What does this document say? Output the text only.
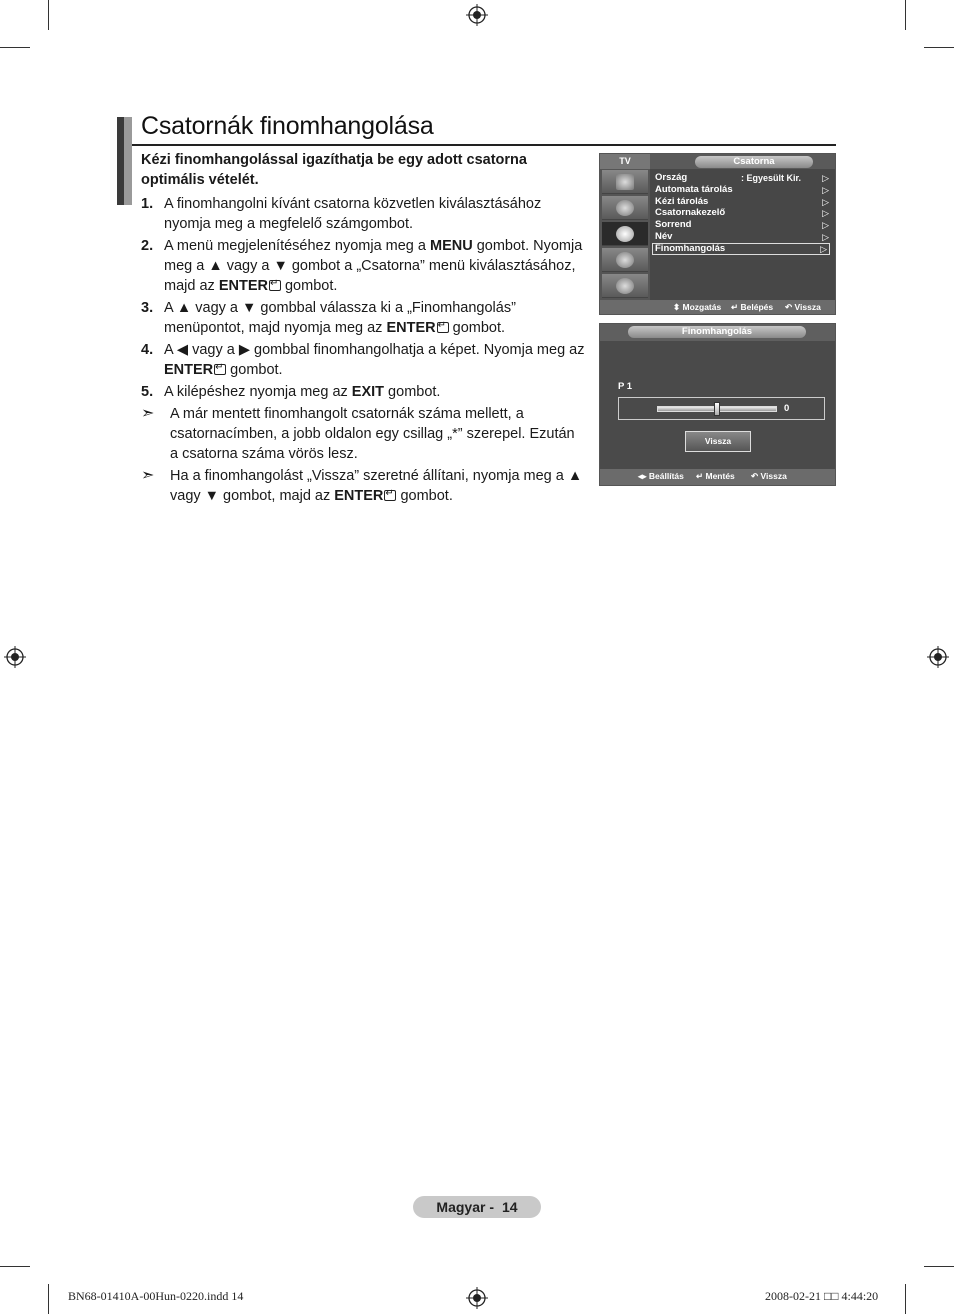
Csatornák finomhangolása

Kézi finomhangolással igazíthatja be egy adott csatorna optimális vételét.

1. A finomhangolni kívánt csatorna közvetlen kiválasztásához nyomja meg a megfelelő számgombot.
2. A menü megjelenítéséhez nyomja meg a MENU gombot. Nyomja meg a ▲ vagy a ▼ gombot a „Csatorna” menü kiválasztásához, majd az ENTER↵ gombot.
3. A ▲ vagy a ▼ gombbal válassza ki a „Finomhangolás” menüpontot, majd nyomja meg az ENTER↵ gombot.
4. A ◀ vagy a ▶ gombbal finomhangolhatja a képet. Nyomja meg az ENTER↵ gombot.
5. A kilépéshez nyomja meg az EXIT gombot.
➣ A már mentett finomhangolt csatornák száma mellett, a csatornacímben, a jobb oldalon egy csillag „*” szerepel. Ezután a csatorna száma vörös lesz.
➣ Ha a finomhangolást „Vissza” szeretné állítani, nyomja meg a ▲ vagy ▼ gombot, majd az ENTER↵ gombot.
TV	Csatorna
Ország	: Egyesült Kir. ▷
Automata tárolás	▷
Kézi tárolás	▷
Csatornakezelő	▷
Sorrend	▷
Név	▷
Finomhangolás	▷
⬍ Mozgatás ↵ Belépés ↶ Vissza
Finomhangolás
P 1
0
Vissza
◂▸ Beállítás ↵ Mentés ↶ Vissza
Magyar - 14
BN68-01410A-00Hun-0220.indd 14	2008-02-21 □□ 4:44:20
